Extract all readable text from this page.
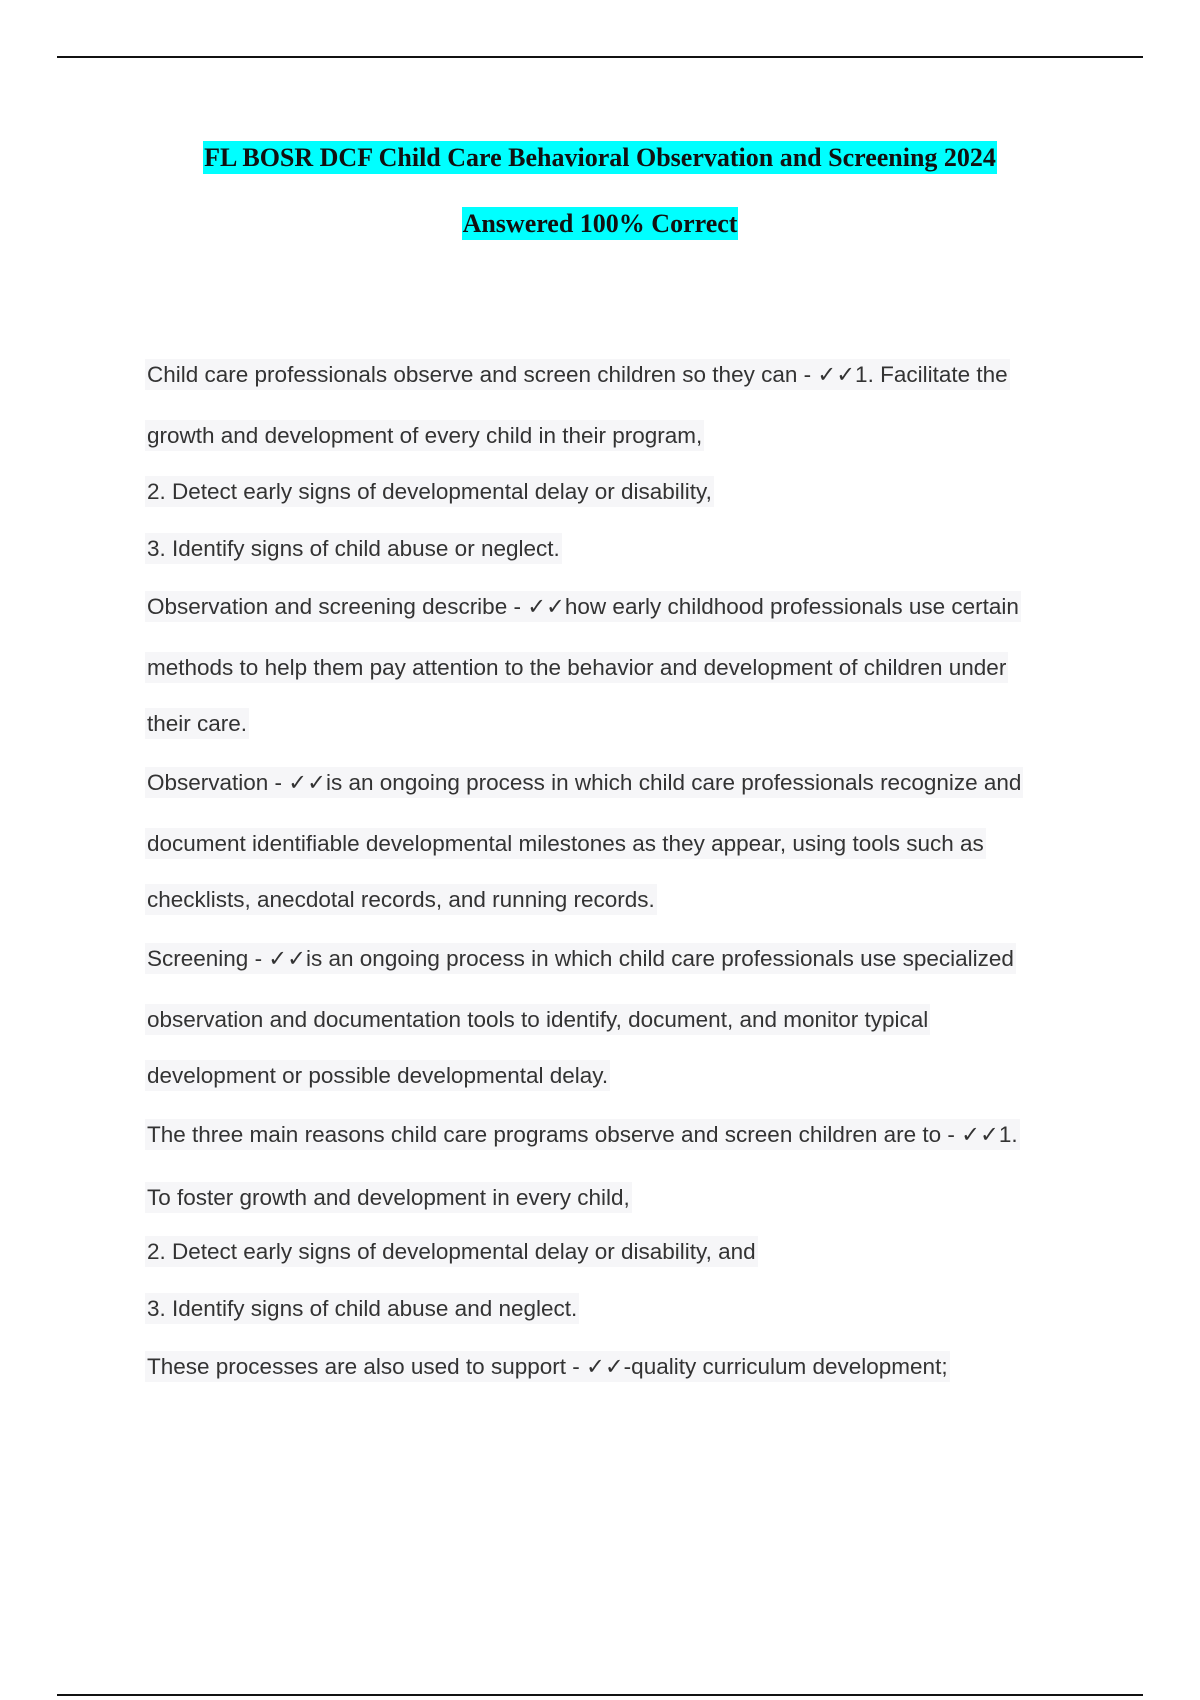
FL BOSR DCF Child Care Behavioral Observation and Screening 2024
Answered 100% Correct
Child care professionals observe and screen children so they can - ✓✓1. Facilitate the
growth and development of every child in their program,
2. Detect early signs of developmental delay or disability,
3. Identify signs of child abuse or neglect.
Observation and screening describe - ✓✓how early childhood professionals use certain
methods to help them pay attention to the behavior and development of children under
their care.
Observation - ✓✓is an ongoing process in which child care professionals recognize and
document identifiable developmental milestones as they appear, using tools such as
checklists, anecdotal records, and running records.
Screening - ✓✓is an ongoing process in which child care professionals use specialized
observation and documentation tools to identify, document, and monitor typical
development or possible developmental delay.
The three main reasons child care programs observe and screen children are to - ✓✓1.
To foster growth and development in every child,
2. Detect early signs of developmental delay or disability, and
3. Identify signs of child abuse and neglect.
These processes are also used to support - ✓✓-quality curriculum development;
